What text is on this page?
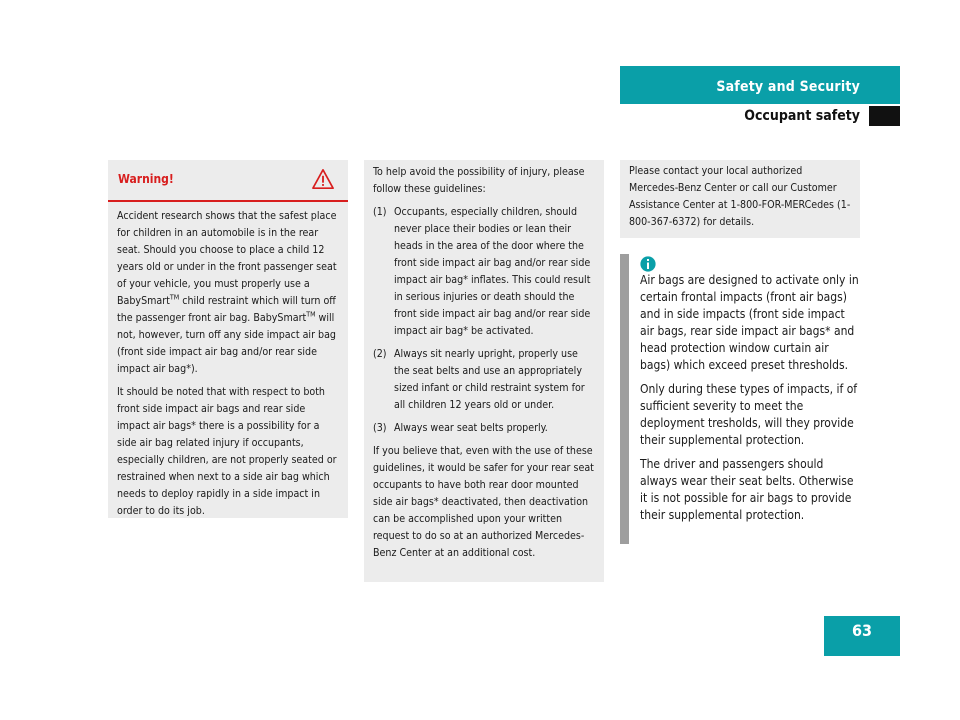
Safety and Security
Occupant safety
Warning!

Accident research shows that the safest place for children in an automobile is in the rear seat. Should you choose to place a child 12 years old or under in the front passenger seat of your vehicle, you must properly use a BabySmart™ child restraint which will turn off the passenger front air bag. BabySmart™ will not, however, turn off any side impact air bag (front side impact air bag and/or rear side impact air bag*).

It should be noted that with respect to both front side impact air bags and rear side impact air bags* there is a possibility for a side air bag related injury if occupants, especially children, are not properly seated or restrained when next to a side air bag which needs to deploy rapidly in a side impact in order to do its job.

To help avoid the possibility of injury, please follow these guidelines:

(1) Occupants, especially children, should never place their bodies or lean their heads in the area of the door where the front side impact air bag and/or rear side impact air bag* inflates. This could result in serious injuries or death should the front side impact air bag and/or rear side impact air bag* be activated.
(2) Always sit nearly upright, properly use the seat belts and use an appropriately sized infant or child restraint system for all children 12 years old or under.
(3) Always wear seat belts properly.

If you believe that, even with the use of these guidelines, it would be safer for your rear seat occupants to have both rear door mounted side air bags* deactivated, then deactivation can be accomplished upon your written request to do so at an authorized Mercedes-Benz Center at an additional cost.

Please contact your local authorized Mercedes-Benz Center or call our Customer Assistance Center at 1-800-FOR-MERCedes (1-800-367-6372) for details.

Air bags are designed to activate only in certain frontal impacts (front air bags) and in side impacts (front side impact air bags, rear side impact air bags* and head protection window curtain air bags) which exceed preset thresholds.

Only during these types of impacts, if of sufficient severity to meet the deployment tresholds, will they provide their supplemental protection.

The driver and passengers should always wear their seat belts. Otherwise it is not possible for air bags to provide their supplemental protection.

63
